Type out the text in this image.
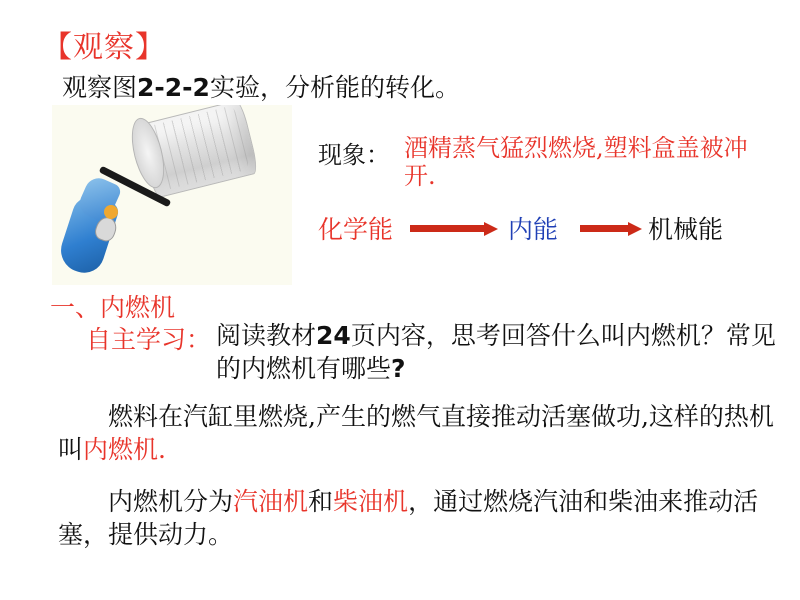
【观察】
观察图2-2-2实验，分析能的转化。
现象： 酒精蒸气猛烈燃烧,塑料盒盖被冲开.
化学能	内能	机械能
一、内燃机
自主学习： 阅读教材24页内容，思考回答什么叫内燃机？常见的内燃机有哪些?
燃料在汽缸里燃烧,产生的燃气直接推动活塞做功,这样的热机叫内燃机.
内燃机分为汽油机和柴油机，通过燃烧汽油和柴油来推动活塞，提供动力。
